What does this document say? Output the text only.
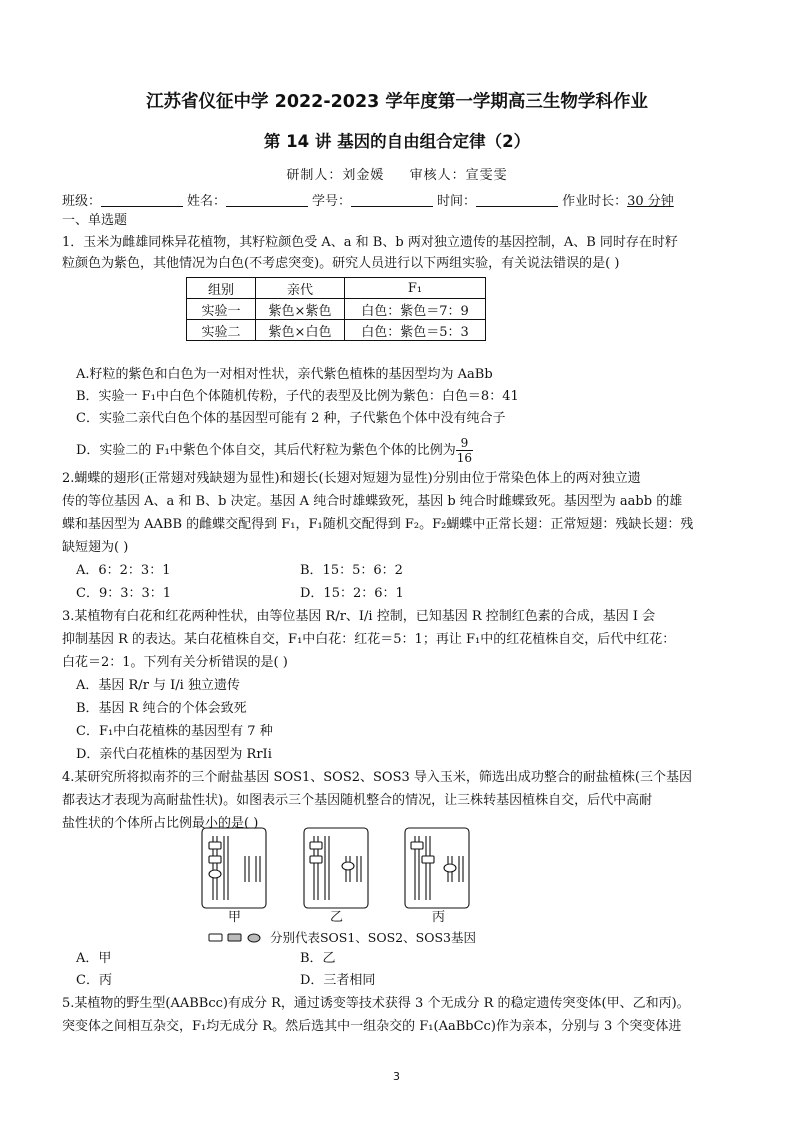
江苏省仪征中学 2022-2023 学年度第一学期高三生物学科作业
第 14 讲 基因的自由组合定律（2）
研制人：刘金媛 审核人：宣雯雯
班级：	姓名：	学号：	时间：	作业时长：30 分钟
一、单选题
1．玉米为雌雄同株异花植物，其籽粒颜色受 A、a 和 B、b 两对独立遗传的基因控制，A、B 同时存在时籽
粒颜色为紫色，其他情况为白色(不考虑突变)。研究人员进行以下两组实验，有关说法错误的是( )
组别	亲代	F₁
实验一	紫色×紫色	白色：紫色＝7：9
实验二	紫色×白色	白色：紫色＝5：3
A.籽粒的紫色和白色为一对相对性状，亲代紫色植株的基因型均为 AaBb
B．实验一 F₁中白色个体随机传粉，子代的表型及比例为紫色：白色＝8：41
C．实验二亲代白色个体的基因型可能有 2 种，子代紫色个体中没有纯合子
D．实验二的 F₁中紫色个体自交，其后代籽粒为紫色个体的比例为 $\frac{9}{16}$
2.蝴蝶的翅形(正常翅对残缺翅为显性)和翅长(长翅对短翅为显性)分别由位于常染色体上的两对独立遗
传的等位基因 A、a 和 B、b 决定。基因 A 纯合时雄蝶致死，基因 b 纯合时雌蝶致死。基因型为 aabb 的雄
蝶和基因型为 AABB 的雌蝶交配得到 F₁，F₁随机交配得到 F₂。F₂蝴蝶中正常长翅：正常短翅：残缺长翅：残
缺短翅为( )
A．6：2：3：1	B．15：5：6：2
C．9：3：3：1	D．15：2：6：1
3.某植物有白花和红花两种性状，由等位基因 R/r、I/i 控制，已知基因 R 控制红色素的合成，基因 I 会
抑制基因 R 的表达。某白花植株自交，F₁中白花：红花＝5：1；再让 F₁中的红花植株自交，后代中红花：
白花＝2：1。下列有关分析错误的是( )
A．基因 R/r 与 I/i 独立遗传
B．基因 R 纯合的个体会致死
C．F₁中白花植株的基因型有 7 种
D．亲代白花植株的基因型为 RrIi
4.某研究所将拟南芥的三个耐盐基因 SOS1、SOS2、SOS3 导入玉米，筛选出成功整合的耐盐植株(三个基因
都表达才表现为高耐盐性状)。如图表示三个基因随机整合的情况，让三株转基因植株自交，后代中高耐
盐性状的个体所占比例最小的是( )
A．甲	B．乙
C．丙	D．三者相同
5.某植物的野生型(AABBcc)有成分 R，通过诱变等技术获得 3 个无成分 R 的稳定遗传突变体(甲、乙和丙)。
突变体之间相互杂交，F₁均无成分 R。然后选其中一组杂交的 F₁(AaBbCc)作为亲本，分别与 3 个突变体进
甲	乙	丙
分别代表SOS1、SOS2、SOS3基因
3
